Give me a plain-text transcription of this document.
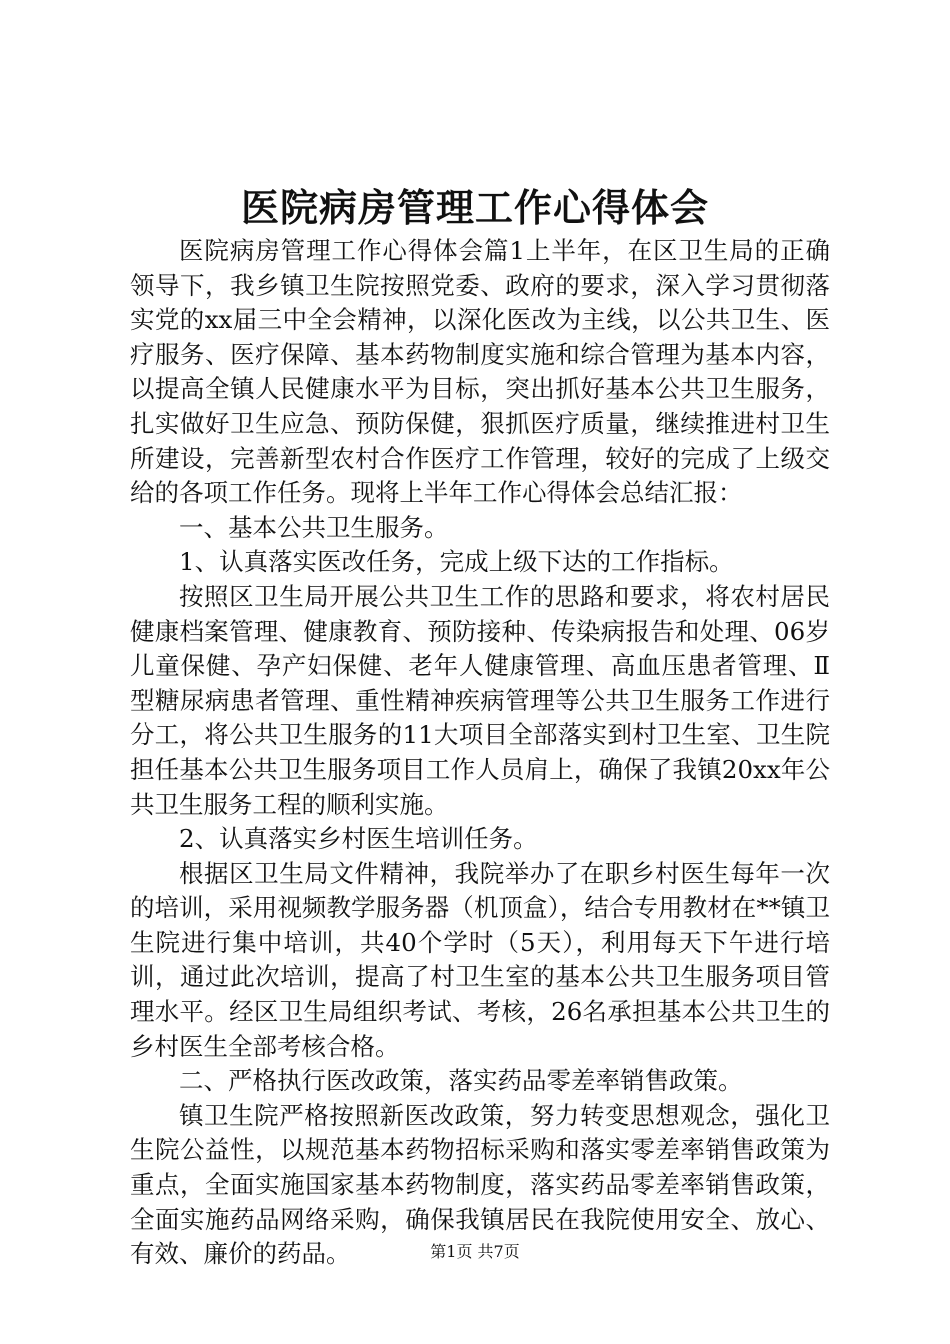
医院病房管理工作心得体会

医院病房管理工作心得体会篇1上半年，在区卫生局的正确领导下，我乡镇卫生院按照党委、政府的要求，深入学习贯彻落实党的xx届三中全会精神，以深化医改为主线，以公共卫生、医疗服务、医疗保障、基本药物制度实施和综合管理为基本内容，以提高全镇人民健康水平为目标，突出抓好基本公共卫生服务，扎实做好卫生应急、预防保健，狠抓医疗质量，继续推进村卫生所建设，完善新型农村合作医疗工作管理，较好的完成了上级交给的各项工作任务。现将上半年工作心得体会总结汇报：

一、基本公共卫生服务。

1、认真落实医改任务，完成上级下达的工作指标。

按照区卫生局开展公共卫生工作的思路和要求，将农村居民健康档案管理、健康教育、预防接种、传染病报告和处理、06岁儿童保健、孕产妇保健、老年人健康管理、高血压患者管理、Ⅱ型糖尿病患者管理、重性精神疾病管理等公共卫生服务工作进行分工，将公共卫生服务的11大项目全部落实到村卫生室、卫生院担任基本公共卫生服务项目工作人员肩上，确保了我镇20xx年公共卫生服务工程的顺利实施。

2、认真落实乡村医生培训任务。

根据区卫生局文件精神，我院举办了在职乡村医生每年一次的培训，采用视频教学服务器（机顶盒），结合专用教材在**镇卫生院进行集中培训，共40个学时（5天），利用每天下午进行培训，通过此次培训，提高了村卫生室的基本公共卫生服务项目管理水平。经区卫生局组织考试、考核，26名承担基本公共卫生的乡村医生全部考核合格。

二、严格执行医改政策，落实药品零差率销售政策。

镇卫生院严格按照新医改政策，努力转变思想观念，强化卫生院公益性，以规范基本药物招标采购和落实零差率销售政策为重点，全面实施国家基本药物制度，落实药品零差率销售政策，全面实施药品网络采购，确保我镇居民在我院使用安全、放心、有效、廉价的药品。	第1页 共7页
